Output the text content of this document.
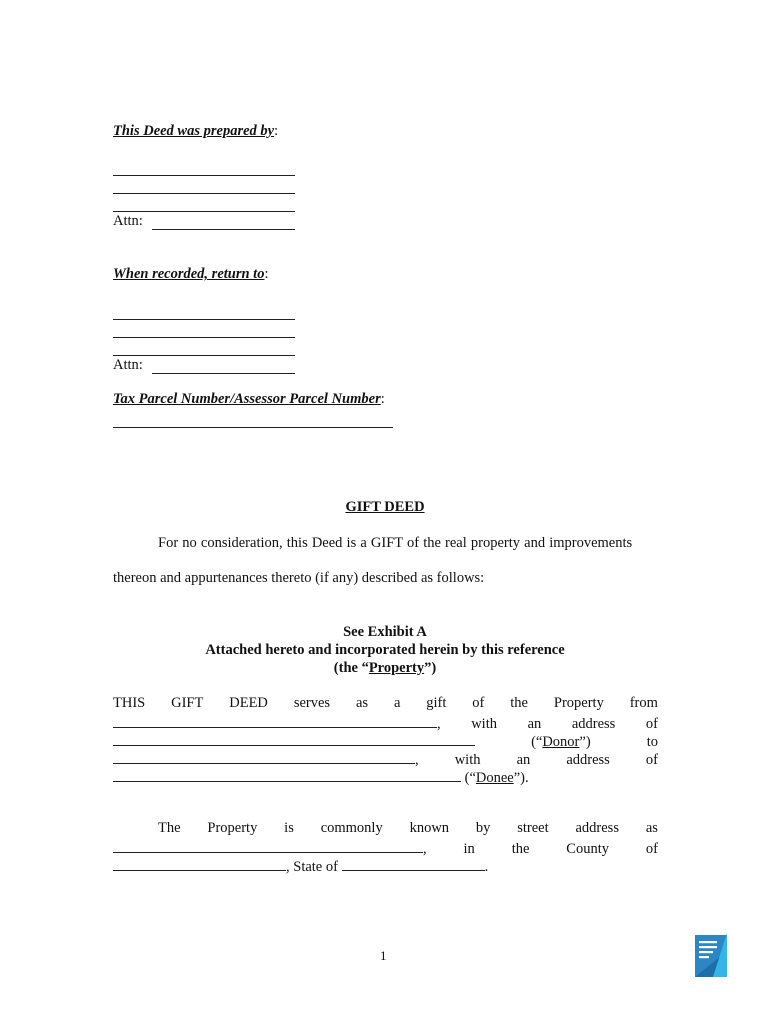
This Deed was prepared by:
Attn:
When recorded, return to:
Attn:
Tax Parcel Number/Assessor Parcel Number:
GIFT DEED
For no consideration, this Deed is a GIFT of the real property and improvements
thereon and appurtenances thereto (if any) described as follows:
See Exhibit A
Attached hereto and incorporated herein by this reference
(the “Property”)
THIS GIFT DEED serves as a gift of the Property from
, with an address of
(“Donor”)	to
, with an address of
(“Donee”).
The Property is commonly known by street address as
,	in	the	County	of
, State of	.
1
